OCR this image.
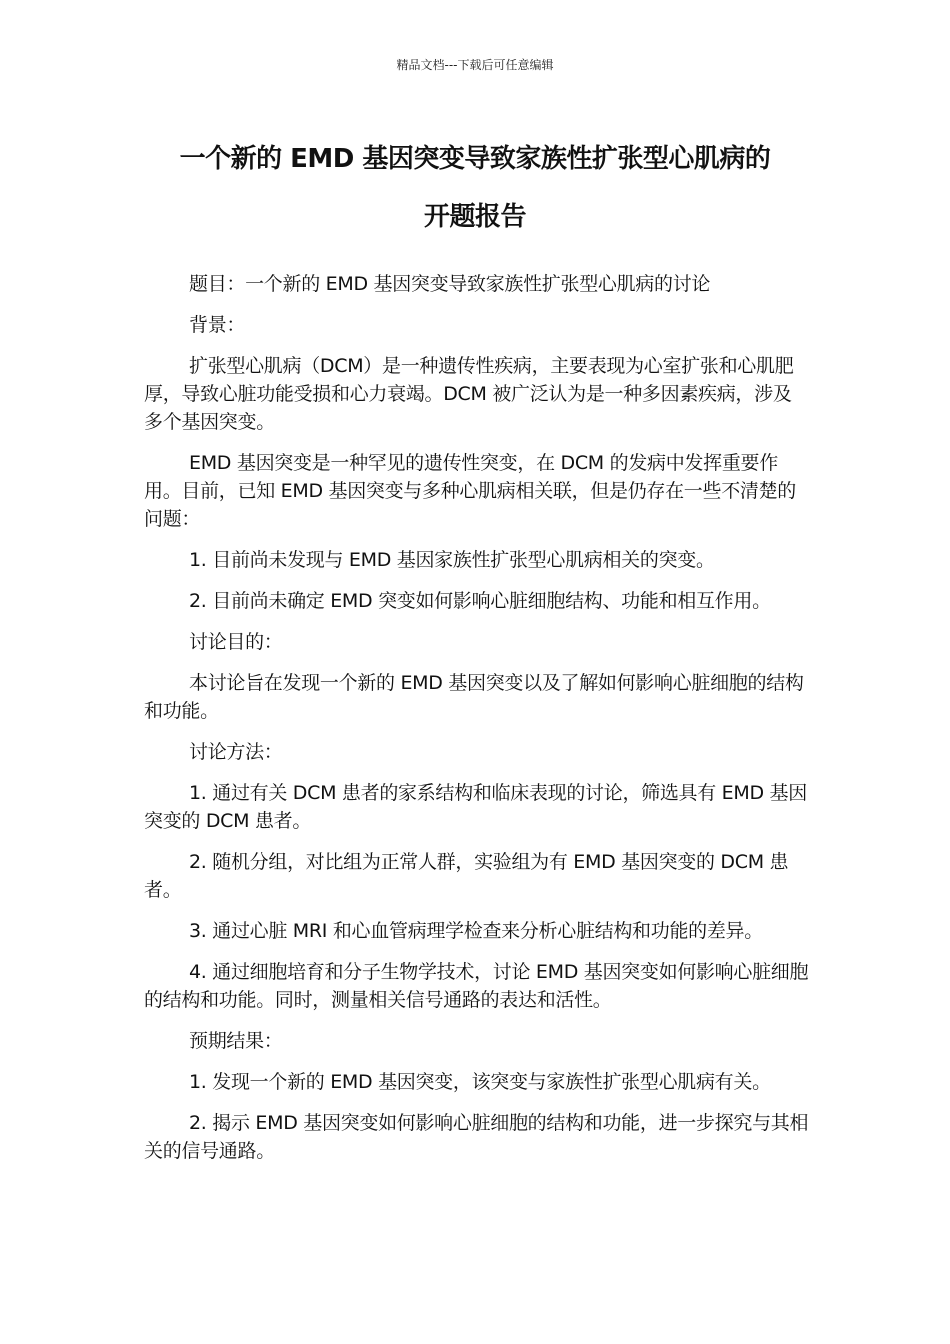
精品文档---下载后可任意编辑
一个新的 EMD 基因突变导致家族性扩张型心肌病的
开题报告

题目：一个新的 EMD 基因突变导致家族性扩张型心肌病的讨论

背景：

扩张型心肌病（DCM）是一种遗传性疾病，主要表现为心室扩张和心肌肥厚，导致心脏功能受损和心力衰竭。DCM 被广泛认为是一种多因素疾病，涉及多个基因突变。

EMD 基因突变是一种罕见的遗传性突变，在 DCM 的发病中发挥重要作用。目前，已知 EMD 基因突变与多种心肌病相关联，但是仍存在一些不清楚的问题：

1. 目前尚未发现与 EMD 基因家族性扩张型心肌病相关的突变。

2. 目前尚未确定 EMD 突变如何影响心脏细胞结构、功能和相互作用。

讨论目的：

本讨论旨在发现一个新的 EMD 基因突变以及了解如何影响心脏细胞的结构和功能。

讨论方法：

1. 通过有关 DCM 患者的家系结构和临床表现的讨论，筛选具有 EMD 基因突变的 DCM 患者。

2. 随机分组，对比组为正常人群，实验组为有 EMD 基因突变的 DCM 患者。

3. 通过心脏 MRI 和心血管病理学检查来分析心脏结构和功能的差异。

4. 通过细胞培育和分子生物学技术，讨论 EMD 基因突变如何影响心脏细胞的结构和功能。同时，测量相关信号通路的表达和活性。

预期结果：

1. 发现一个新的 EMD 基因突变，该突变与家族性扩张型心肌病有关。

2. 揭示 EMD 基因突变如何影响心脏细胞的结构和功能，进一步探究与其相关的信号通路。
